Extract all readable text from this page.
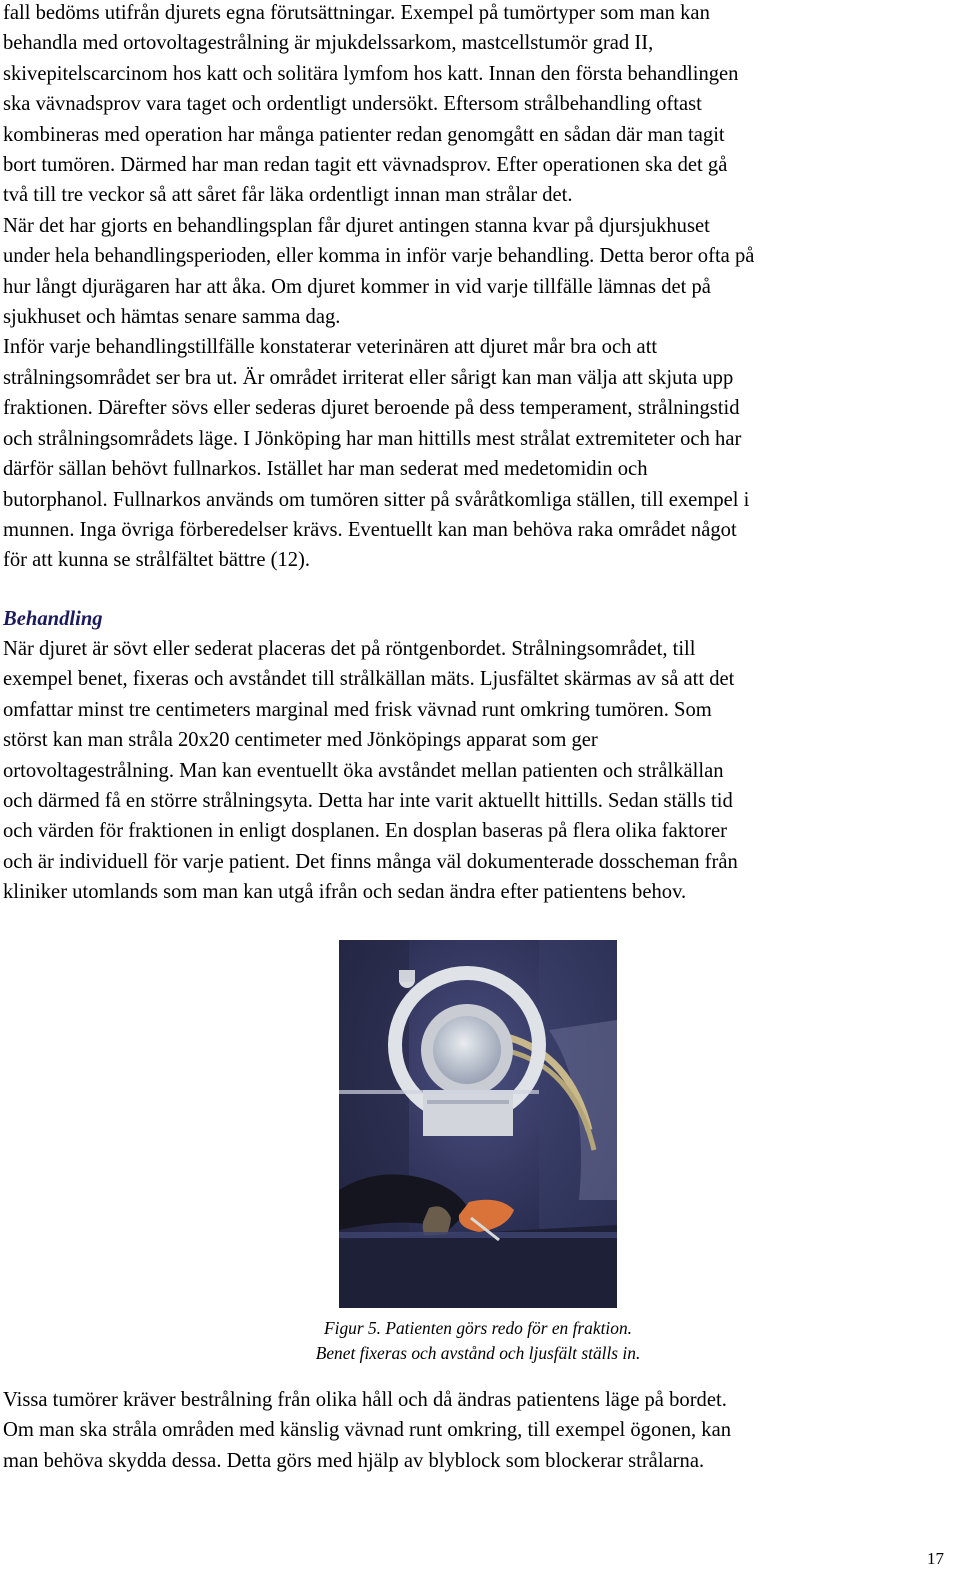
fall bedöms utifrån djurets egna förutsättningar. Exempel på tumörtyper som man kan
behandla med ortovoltagestrålning är mjukdelssarkom, mastcellstumör grad II,
skivepitelscarcinom hos katt och solitära lymfom hos katt. Innan den första behandlingen
ska vävnadsprov vara taget och ordentligt undersökt. Eftersom strålbehandling oftast
kombineras med operation har många patienter redan genomgått en sådan där man tagit
bort tumören. Därmed har man redan tagit ett vävnadsprov. Efter operationen ska det gå
två till tre veckor så att såret får läka ordentligt innan man strålar det.
När det har gjorts en behandlingsplan får djuret antingen stanna kvar på djursjukhuset
under hela behandlingsperioden, eller komma in inför varje behandling. Detta beror ofta på
hur långt djurägaren har att åka. Om djuret kommer in vid varje tillfälle lämnas det på
sjukhuset och hämtas senare samma dag.
Inför varje behandlingstillfälle konstaterar veterinären att djuret mår bra och att
strålningsområdet ser bra ut. Är området irriterat eller sårigt kan man välja att skjuta upp
fraktionen. Därefter sövs eller sederas djuret beroende på dess temperament, strålningstid
och strålningsområdets läge. I Jönköping har man hittills mest strålat extremiteter och har
därför sällan behövt fullnarkos. Istället har man sederat med medetomidin och
butorphanol. Fullnarkos används om tumören sitter på svåråtkomliga ställen, till exempel i
munnen. Inga övriga förberedelser krävs. Eventuellt kan man behöva raka området något
för att kunna se strålfältet bättre (12).
Behandling
När djuret är sövt eller sederat placeras det på röntgenbordet. Strålningsområdet, till
exempel benet, fixeras och avståndet till strålkällan mäts. Ljusfältet skärmas av så att det
omfattar minst tre centimeters marginal med frisk vävnad runt omkring tumören. Som
störst kan man stråla 20x20 centimeter med Jönköpings apparat som ger
ortovoltagestrålning. Man kan eventuellt öka avståndet mellan patienten och strålkällan
och därmed få en större strålningsyta. Detta har inte varit aktuellt hittills. Sedan ställs tid
och värden för fraktionen in enligt dosplanen. En dosplan baseras på flera olika faktorer
och är individuell för varje patient. Det finns många väl dokumenterade dosscheman från
kliniker utomlands som man kan utgå ifrån och sedan ändra efter patientens behov.
Figur 5. Patienten görs redo för en fraktion.
Benet fixeras och avstånd och ljusfält ställs in.
Vissa tumörer kräver bestrålning från olika håll och då ändras patientens läge på bordet.
Om man ska stråla områden med känslig vävnad runt omkring, till exempel ögonen, kan
man behöva skydda dessa. Detta görs med hjälp av blyblock som blockerar strålarna.
17
